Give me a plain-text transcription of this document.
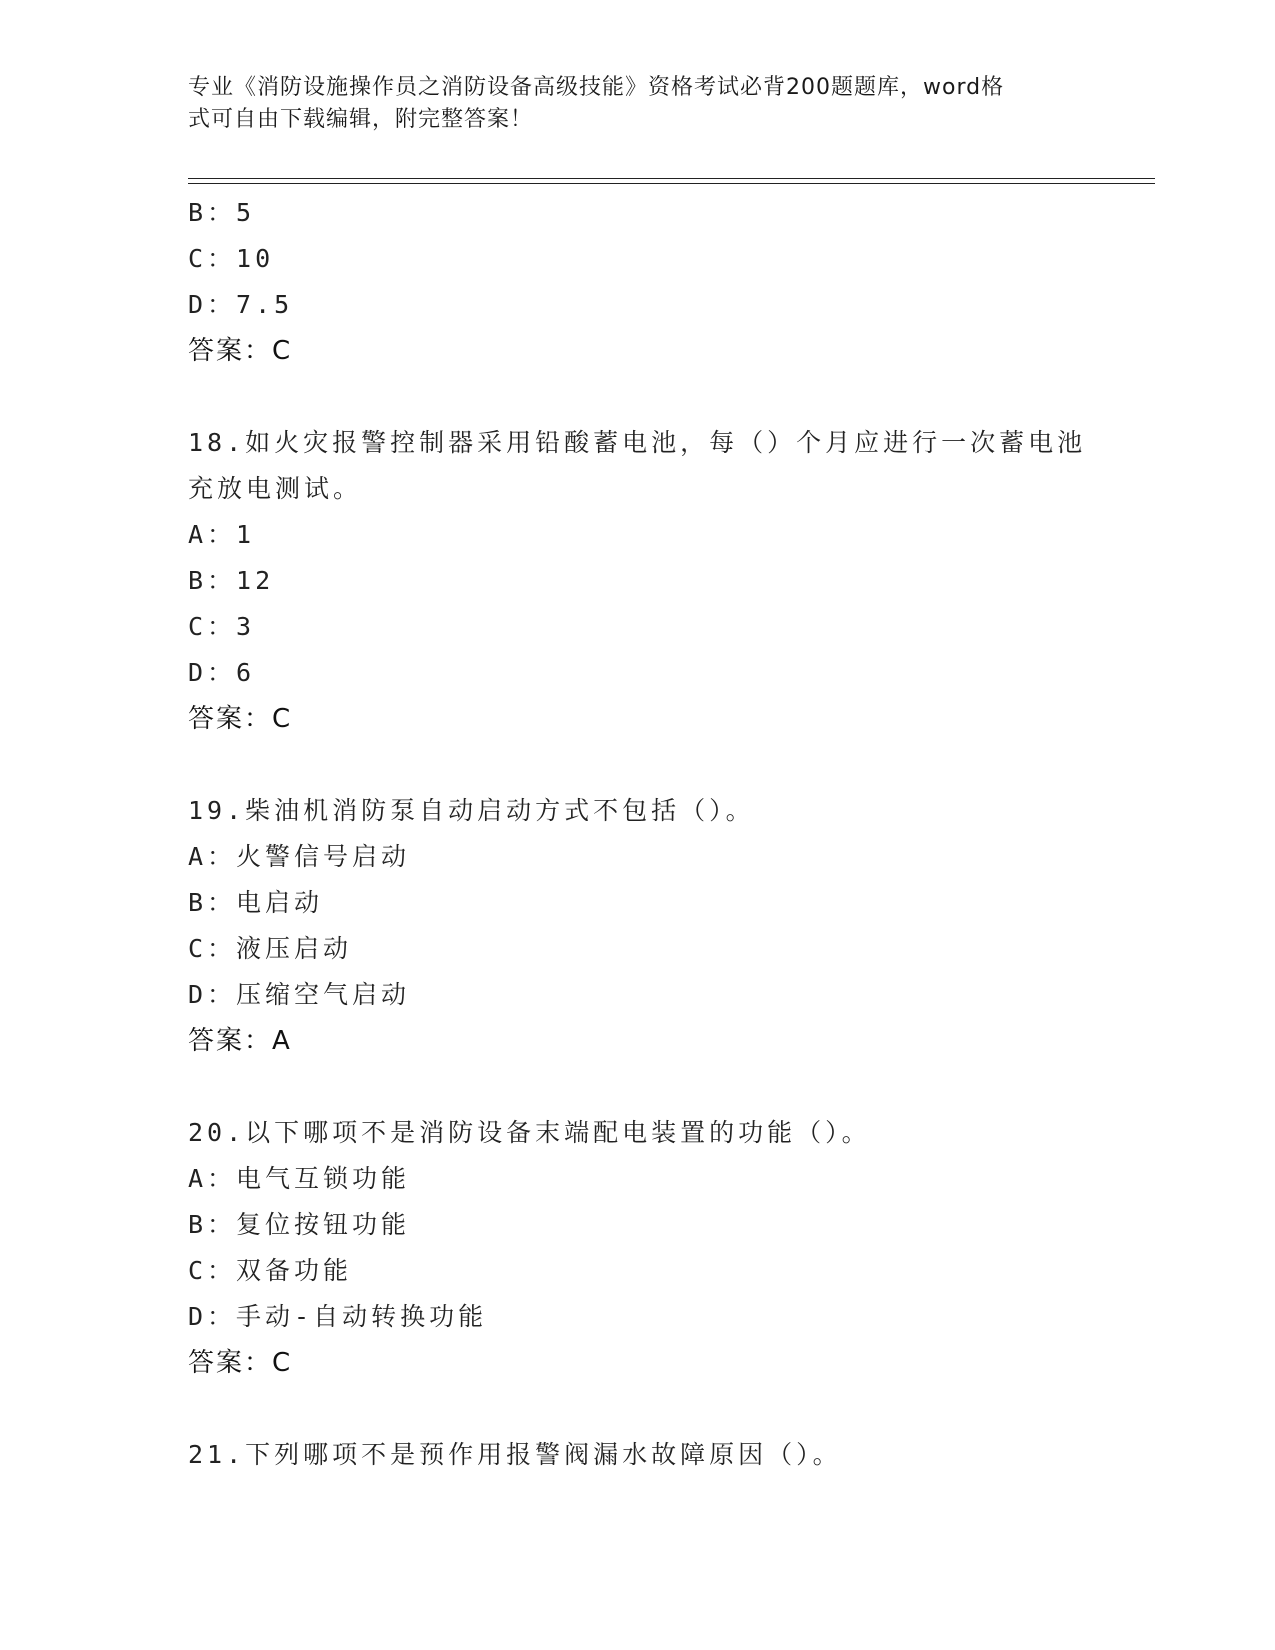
专业《消防设施操作员之消防设备高级技能》资格考试必背200题题库，word格
式可自由下载编辑，附完整答案！
B：5
C：10
D：7.5
答案：C
18.如火灾报警控制器采用铅酸蓄电池，每（）个月应进行一次蓄电池
充放电测试。
A：1
B：12
C：3
D：6
答案：C
19.柴油机消防泵自动启动方式不包括（）。
A：火警信号启动
B：电启动
C：液压启动
D：压缩空气启动
答案：A
20.以下哪项不是消防设备末端配电装置的功能（）。
A：电气互锁功能
B：复位按钮功能
C：双备功能
D：手动-自动转换功能
答案：C
21.下列哪项不是预作用报警阀漏水故障原因（）。
